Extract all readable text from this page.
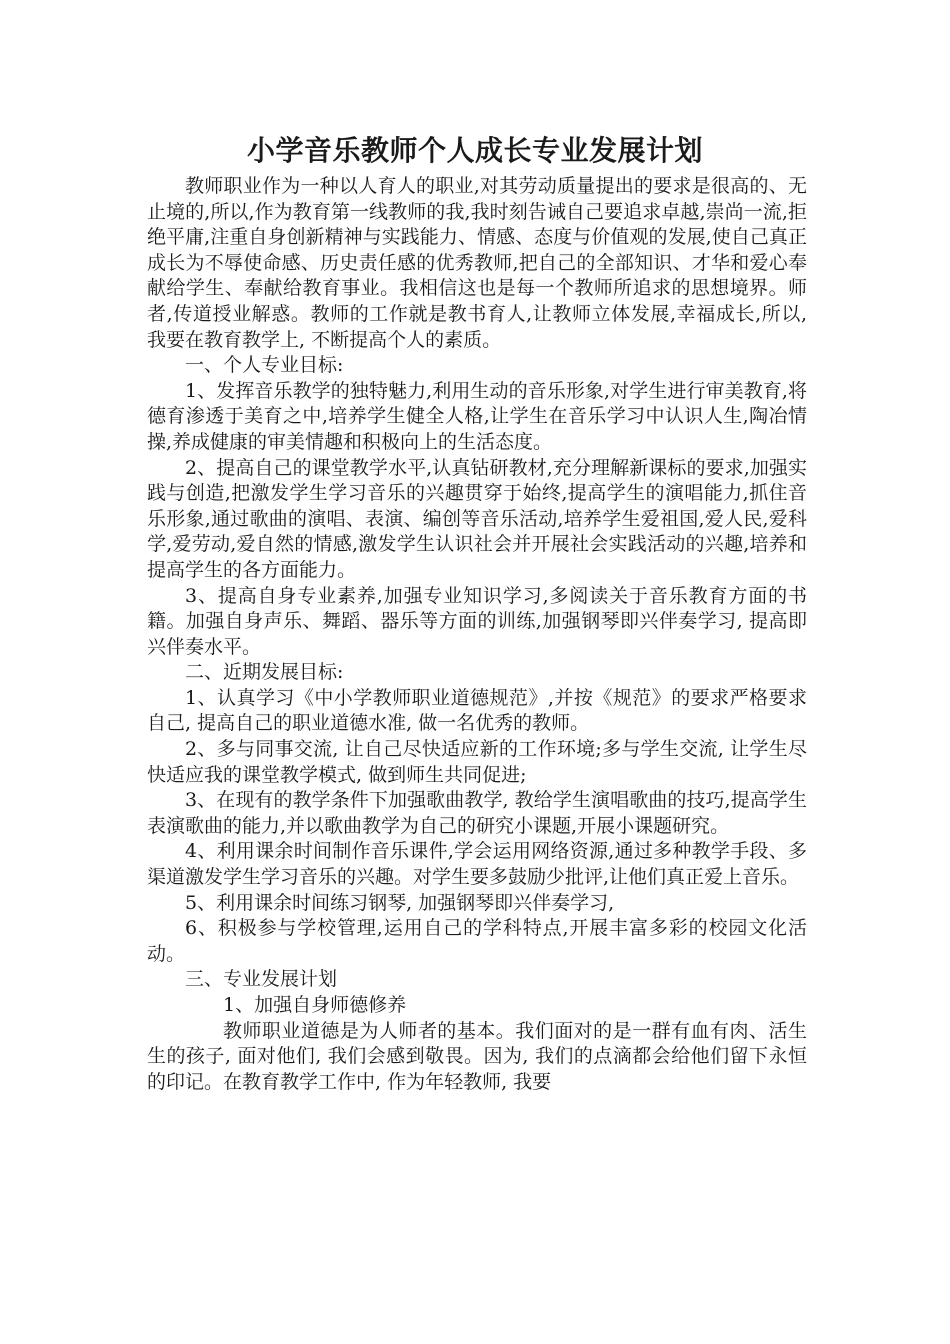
小学音乐教师个人成长专业发展计划

教师职业作为一种以人育人的职业,对其劳动质量提出的要求是很高的、无止境的,所以,作为教育第一线教师的我,我时刻告诫自己要追求卓越,崇尚一流,拒绝平庸,注重自身创新精神与实践能力、情感、态度与价值观的发展,使自己真正成长为不辱使命感、历史责任感的优秀教师,把自己的全部知识、才华和爱心奉献给学生、奉献给教育事业。我相信这也是每一个教师所追求的思想境界。师者,传道授业解惑。教师的工作就是教书育人,让教师立体发展,幸福成长,所以, 我要在教育教学上, 不断提高个人的素质。

一、个人专业目标:

1、发挥音乐教学的独特魅力,利用生动的音乐形象,对学生进行审美教育,将德育渗透于美育之中,培养学生健全人格,让学生在音乐学习中认识人生,陶冶情操,养成健康的审美情趣和积极向上的生活态度。

2、提高自己的课堂教学水平,认真钻研教材,充分理解新课标的要求,加强实践与创造,把激发学生学习音乐的兴趣贯穿于始终,提高学生的演唱能力,抓住音乐形象,通过歌曲的演唱、表演、编创等音乐活动,培养学生爱祖国,爱人民,爱科学,爱劳动,爱自然的情感,激发学生认识社会并开展社会实践活动的兴趣,培养和提高学生的各方面能力。

3、提高自身专业素养,加强专业知识学习,多阅读关于音乐教育方面的书籍。加强自身声乐、舞蹈、器乐等方面的训练,加强钢琴即兴伴奏学习, 提高即兴伴奏水平。

二、近期发展目标:

1、认真学习《中小学教师职业道德规范》,并按《规范》的要求严格要求自己, 提高自己的职业道德水准, 做一名优秀的教师。

2、多与同事交流, 让自己尽快适应新的工作环境;多与学生交流, 让学生尽快适应我的课堂教学模式, 做到师生共同促进;

3、在现有的教学条件下加强歌曲教学, 教给学生演唱歌曲的技巧,提高学生表演歌曲的能力,并以歌曲教学为自己的研究小课题,开展小课题研究。

4、利用课余时间制作音乐课件,学会运用网络资源,通过多种教学手段、多渠道激发学生学习音乐的兴趣。对学生要多鼓励少批评,让他们真正爱上音乐。

5、利用课余时间练习钢琴, 加强钢琴即兴伴奏学习,

6、积极参与学校管理,运用自己的学科特点,开展丰富多彩的校园文化活动。

三、专业发展计划

1、加强自身师德修养

教师职业道德是为人师者的基本。我们面对的是一群有血有肉、活生生的孩子, 面对他们, 我们会感到敬畏。因为, 我们的点滴都会给他们留下永恒的印记。在教育教学工作中, 作为年轻教师, 我要
